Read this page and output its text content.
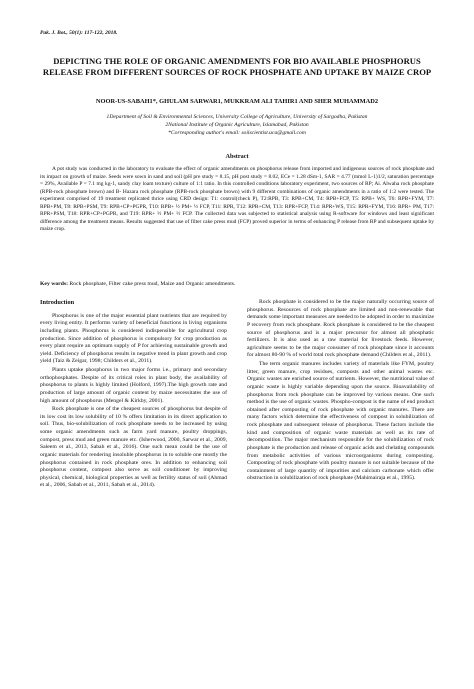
Pak. J. Bot., 50(1): 117-122, 2018.
DEPICTING THE ROLE OF ORGANIC AMENDMENTS FOR BIO AVAILABLE PHOSPHORUS RELEASE FROM DIFFERENT SOURCES OF ROCK PHOSPHATE AND UPTAKE BY MAIZE CROP
NOOR-US-SABAH1*, GHULAM SARWAR1, MUKKRAM ALI TAHIR1 AND SHER MUHAMMAD2
1Department of Soil & Environmental Sciences, University College of Agriculture, University of Sargodha, Pakistan
2National Institute of Organic Agriculture, Islamabad, Pakistan
*Corresponding author's email: soilscientist.uca@gmail.com
Abstract

A pot study was conducted in the laboratory to evaluate the effect of organic amendments on phosphorus release from imported and indigenous sources of rock phosphate and its impact on growth of maize. Seeds were sown in sand and soil (pH pre study = 8.15, pH post study = 8.02, ECe = 1.28 dSm-1, SAR = 4.77 (mmol L-1)1/2, saturation percentage = 29%, Available P = 7.1 mg kg-1, sandy clay loam texture) culture of 1:1 ratio. In this controlled conditions laboratory experiment, two sources of RP; Ai. Alwaha rock phosphate (RPB-rock phosphate brown) and B- Hazara rock phosphate (RPB-rock phosphate brown) with 9 different combinations of organic amendments in a ratio of 1:2 were tested. The experiment comprised of 19 treatment replicated thrice using CRD design: T1: control(check P), T2:RPB, T3: RPB+CM, T4: RPB+FCP, T5: RPB+ WS, T6: RPB+FYM, T7: RPB+PM, T8: RPB+PSM, T9: RPB+CP+PGPR, T10: RPB+ ½ PM+ ½ FCP, T11: RPR, T12: RPR+CM, T13: RPR+FCP, T14: RPR+WS, T15: RPR+FYM, T16: RPR+ PM, T17: RPR+PSM, T18: RPR+CP+PGPR, and T19: RPR+ ½ PM+ ½ FCP. The collected data was subjected to statistical analysis using R-software for windows and least significant difference among the treatment means. Results suggested that use of filter cake press mud (FCP) proved superior in terms of enhancing P release from RP and subsequent uptake by maize crop.

Key words: Rock phosphate, Filter cake press mud, Maize and Organic amendments.
Introduction

Phosphorus is one of the major essential plant nutrients that are required by every living entity. It performs variety of beneficial functions in living organisms including plants. Phosphorus is considered indispensible for agricultural crop production. Since addition of phosphorus is compulsory for crop production as every plant require an optimum supply of P for achieving sustainable growth and yield. Deficiency of phosphorus results in negative trend in plant growth and crop yield (Taiz & Zeigar, 1998; Childers et al., 2011).

Plants uptake phosphorus in two major forms i.e., primary and secondary orthophosphates. Despite of its critical roles in plant body, the availability of phosphorus to plants is highly limited (Holford, 1997).The high growth rate and production of large amount of organic content by maize necessitates the use of high amount of phosphorus (Mengel & Kirkby, 2001).

Rock phosphate is one of the cheapest sources of phosphorus but despite of its low cost its low solubility of 10 % offers limitation in its direct application to soil. Thus, bio-solubilization of rock phosphate needs to be increased by using some organic amendments such as farm yard manure, poultry droppings, compost, press mud and green manure etc. (Isherwood, 2000, Sarwar et al., 2009, Saleem et al., 2013, Sabah et al., 2016). One such mean could be the use of organic materials for rendering insoluble phosphorus in to soluble one mostly the phosphorus contained in rock phosphate ores. In addition to enhancing soil phosphorus content, compost also serve as soil conditioner by improving physical, chemical, biological properties as well as fertility status of soil (Ahmad et al., 2006, Sabah et al., 2011, Sabah et al., 2014).

Rock phosphate is considered to be the major naturally occurring source of phosphorus. Resources of rock phosphate are limited and non-renewable that demands some important measures are needed to be adopted in order to maximize P recovery from rock phosphate. Rock phosphate is considered to be the cheapest source of phosphorus and is a major precursor for almost all phosphatic fertilizers. It is also used as a raw material for livestock feeds. However, agriculture seems to be the major consumer of rock phosphate since it accounts for almost 80-90 % of world total rock phosphate demand (Childers et al., 2011).

The term organic manures includes variety of materials like FYM, poultry litter, green manure, crop residues, composts and other animal wastes etc. Organic wastes are enriched source of nutrients. However, the nutritional value of organic waste is highly variable depending upon the source. Bioavailability of phosphorus from rock phosphate can be improved by various means. One such method is the use of organic wastes. Phospho-compost is the name of end product obtained after composting of rock phosphate with organic manures. There are many factors which determine the effectiveness of compost in solubilization of rock phosphate and subsequent release of phosphorus. These factors include the kind and composition of organic waste materials as well as its rate of decomposition. The major mechanism responsible for the solubilization of rock phosphate is the production and release of organic acids and chelating compounds from metabolic activities of various microorganisms during composting. Composting of rock phosphate with poultry manure is not suitable because of the containment of large quantity of impurities and calcium carbonate which offer obstruction in solubilization of rock phosphate (Mahimairaja et al., 1995).
